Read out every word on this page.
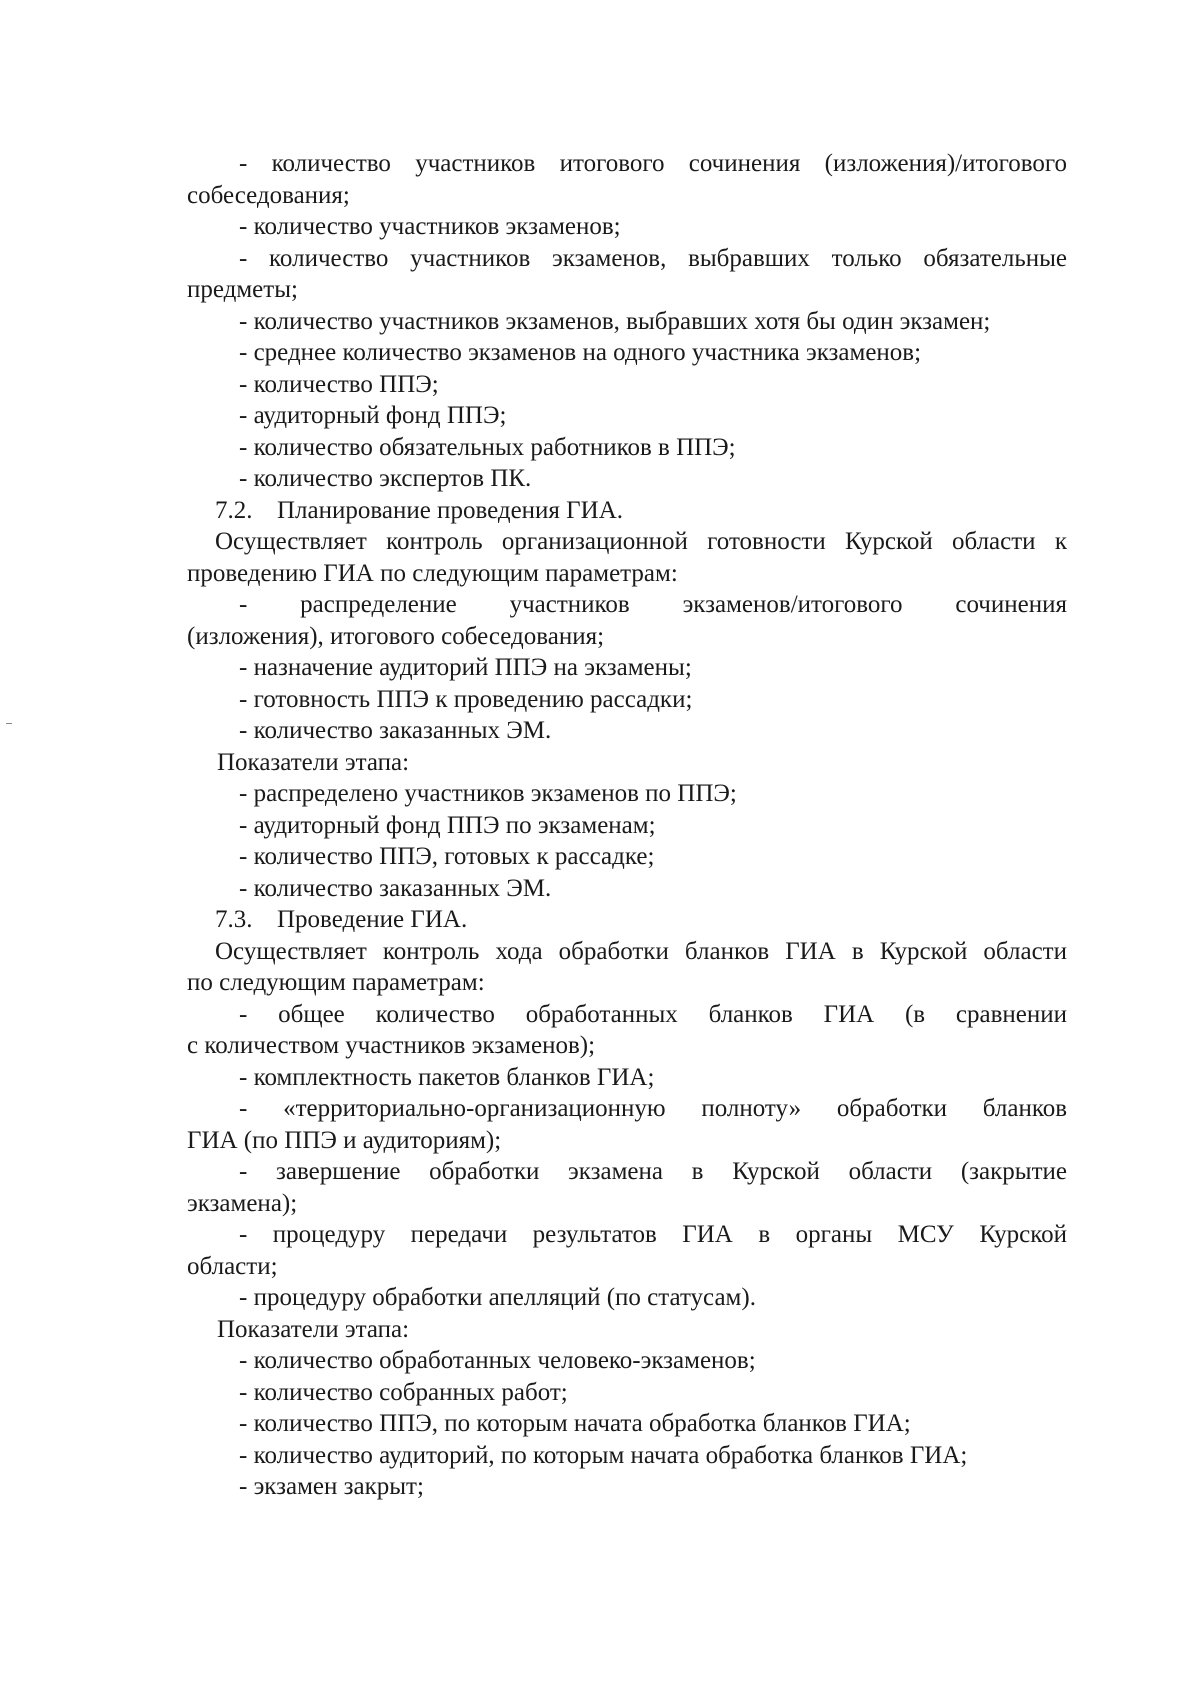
- количество участников итогового сочинения (изложения)/итогового
собеседования;
- количество участников экзаменов;
- количество участников экзаменов, выбравших только обязательные
предметы;
- количество участников экзаменов, выбравших хотя бы один экзамен;
- среднее количество экзаменов на одного участника экзаменов;
- количество ППЭ;
- аудиторный фонд ППЭ;
- количество обязательных работников в ППЭ;
- количество экспертов ПК.
7.2. Планирование проведения ГИА.
Осуществляет контроль организационной готовности Курской области к
проведению ГИА по следующим параметрам:
- распределение участников экзаменов/итогового сочинения
(изложения), итогового собеседования;
- назначение аудиторий ППЭ на экзамены;
- готовность ППЭ к проведению рассадки;
- количество заказанных ЭМ.
Показатели этапа:
- распределено участников экзаменов по ППЭ;
- аудиторный фонд ППЭ по экзаменам;
- количество ППЭ, готовых к рассадке;
- количество заказанных ЭМ.
7.3. Проведение ГИА.
Осуществляет контроль хода обработки бланков ГИА в Курской области
по следующим параметрам:
- общее количество обработанных бланков ГИА (в сравнении
с количеством участников экзаменов);
- комплектность пакетов бланков ГИА;
- «территориально-организационную полноту» обработки бланков
ГИА (по ППЭ и аудиториям);
- завершение обработки экзамена в Курской области (закрытие
экзамена);
- процедуру передачи результатов ГИА в органы МСУ Курской
области;
- процедуру обработки апелляций (по статусам).
Показатели этапа:
- количество обработанных человеко-экзаменов;
- количество собранных работ;
- количество ППЭ, по которым начата обработка бланков ГИА;
- количество аудиторий, по которым начата обработка бланков ГИА;
- экзамен закрыт;
